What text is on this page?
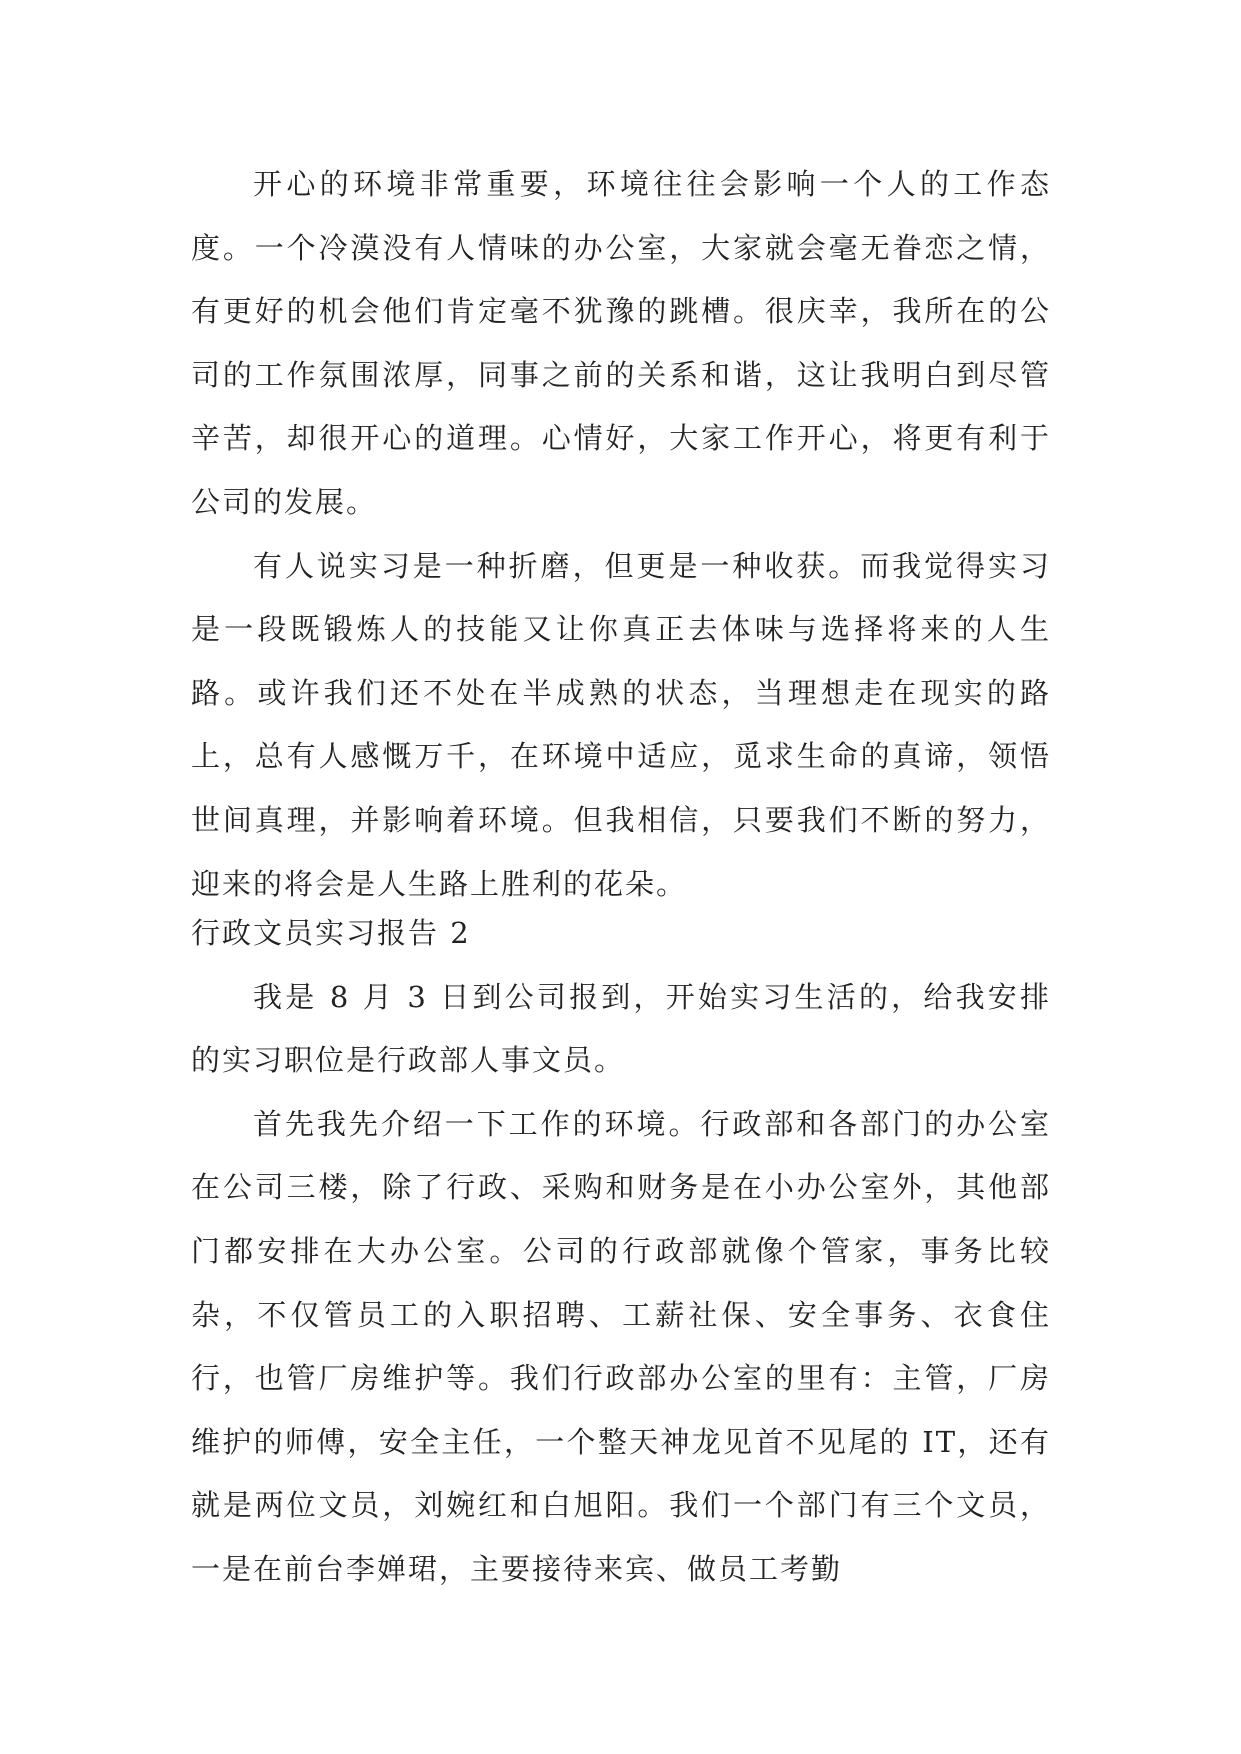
开心的环境非常重要，环境往往会影响一个人的工作态度。一个冷漠没有人情味的办公室，大家就会毫无眷恋之情，有更好的机会他们肯定毫不犹豫的跳槽。很庆幸，我所在的公司的工作氛围浓厚，同事之前的关系和谐，这让我明白到尽管辛苦，却很开心的道理。心情好，大家工作开心，将更有利于公司的发展。

有人说实习是一种折磨，但更是一种收获。而我觉得实习是一段既锻炼人的技能又让你真正去体味与选择将来的人生路。或许我们还不处在半成熟的状态，当理想走在现实的路上，总有人感慨万千，在环境中适应，觅求生命的真谛，领悟世间真理，并影响着环境。但我相信，只要我们不断的努力，迎来的将会是人生路上胜利的花朵。

行政文员实习报告 2

我是 8 月 3 日到公司报到，开始实习生活的，给我安排的实习职位是行政部人事文员。

首先我先介绍一下工作的环境。行政部和各部门的办公室在公司三楼，除了行政、采购和财务是在小办公室外，其他部门都安排在大办公室。公司的行政部就像个管家，事务比较杂，不仅管员工的入职招聘、工薪社保、安全事务、衣食住行，也管厂房维护等。我们行政部办公室的里有：主管，厂房维护的师傅，安全主任，一个整天神龙见首不见尾的 IT，还有就是两位文员，刘婉红和白旭阳。我们一个部门有三个文员，一是在前台李婵珺，主要接待来宾、做员工考勤
